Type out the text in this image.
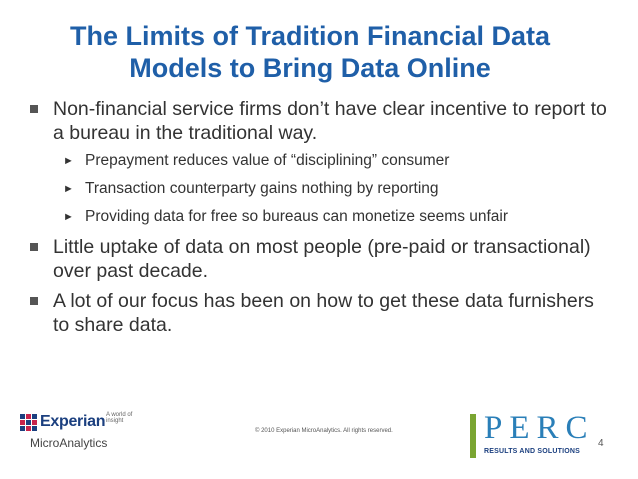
The Limits of Tradition Financial Data
Models to Bring Data Online
Non-financial service firms don’t have clear incentive to report to a bureau in the traditional way.
► Prepayment reduces value of “disciplining” consumer
► Transaction counterparty gains nothing by reporting
► Providing data for free so bureaus can monetize seems unfair
Little uptake of data on most people (pre-paid or transactional) over past decade.
A lot of our focus has been on how to get these data furnishers to share data.
Experian A world of insight
MicroAnalytics
© 2010 Experian MicroAnalytics. All rights reserved.	PERC
RESULTS AND SOLUTIONS
4
